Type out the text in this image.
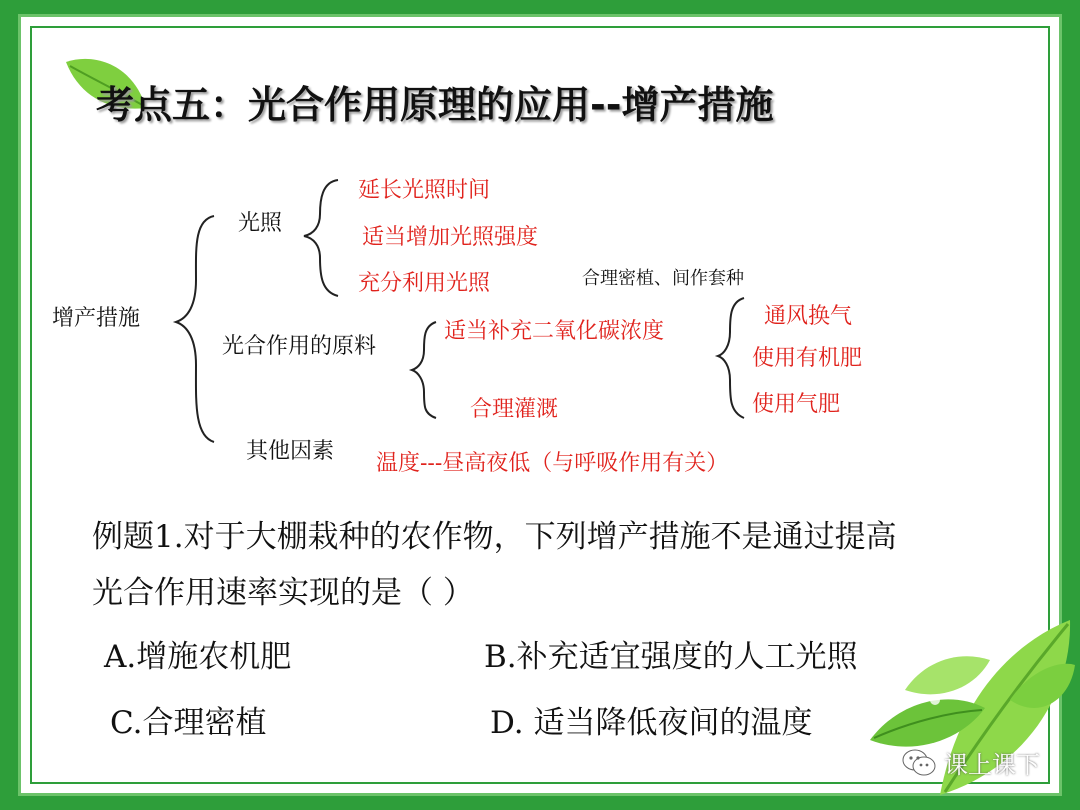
考点五：光合作用原理的应用--增产措施
增产措施
光照
延长光照时间
适当增加光照强度
充分利用光照	合理密植、间作套种
光合作用的原料
适当补充二氧化碳浓度
通风换气
使用有机肥
使用气肥
合理灌溉
其他因素 温度---昼高夜低（与呼吸作用有关）
例题1.对于大棚栽种的农作物，下列增产措施不是通过提高
光合作用速率实现的是（ ）
A.增施农机肥	B.补充适宜强度的人工光照
C.合理密植	D. 适当降低夜间的温度
课上课下
